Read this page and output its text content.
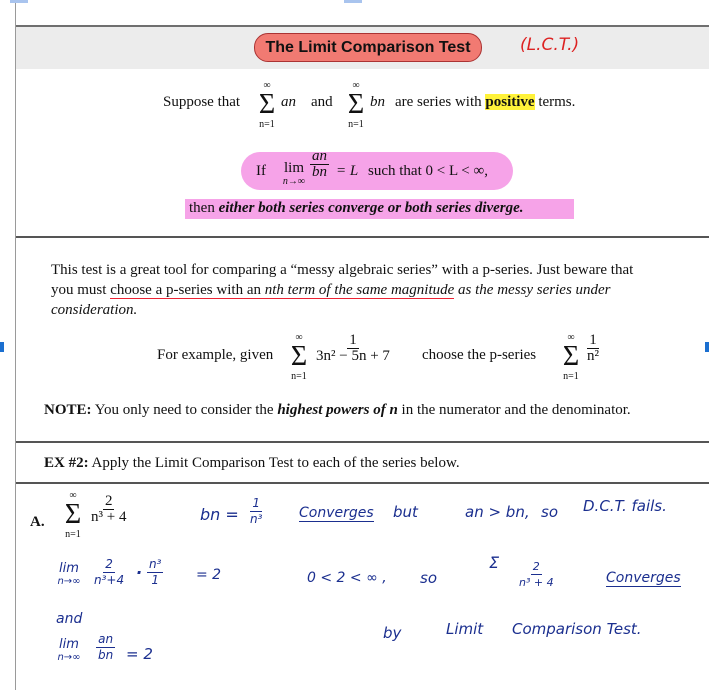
The Limit Comparison Test	(L.C.T.)
Suppose that
∞
Σ
n=1
an and
∞
Σ
n=1
bn are series with positive terms.
If	lim
n→∞
$\frac{an}{bn} = L$ such that 0 < L < ∞,
then either both series converge or both series diverge.
This test is a great tool for comparing a “messy algebraic series” with a p-series. Just beware that
you must choose a p-series with an nth term of the same magnitude as the messy series under
consideration.
For example, given
∞
Σ
n=1
$\frac{1}{\text{3n² − 5n + 7}}$ choose the p-series
∞
Σ
n=1
$\frac{1}{\text{n²}}$
NOTE: You only need to consider the highest powers of n in the numerator and the denominator.
EX #2: Apply the Limit Comparison Test to each of the series below.
A.
∞
Σ
n=1
$\frac{2}{\text{n³ + 4}}$	bn = $\frac{1}{\text{n³}}$ Converges but	an > bn, so D.C.T. fails.
lim
$n\to\infty \frac{2}{\text{n³+4}} \cdot \frac{\text{n³}}{1} = 2$	0 < 2 < ∞ , so
Σ $\frac{2}{\text{n³ + 4}}$	Converges
and
lim
n→∞	$\frac{an}{bn} = 2$
by	Limit Comparison Test.
